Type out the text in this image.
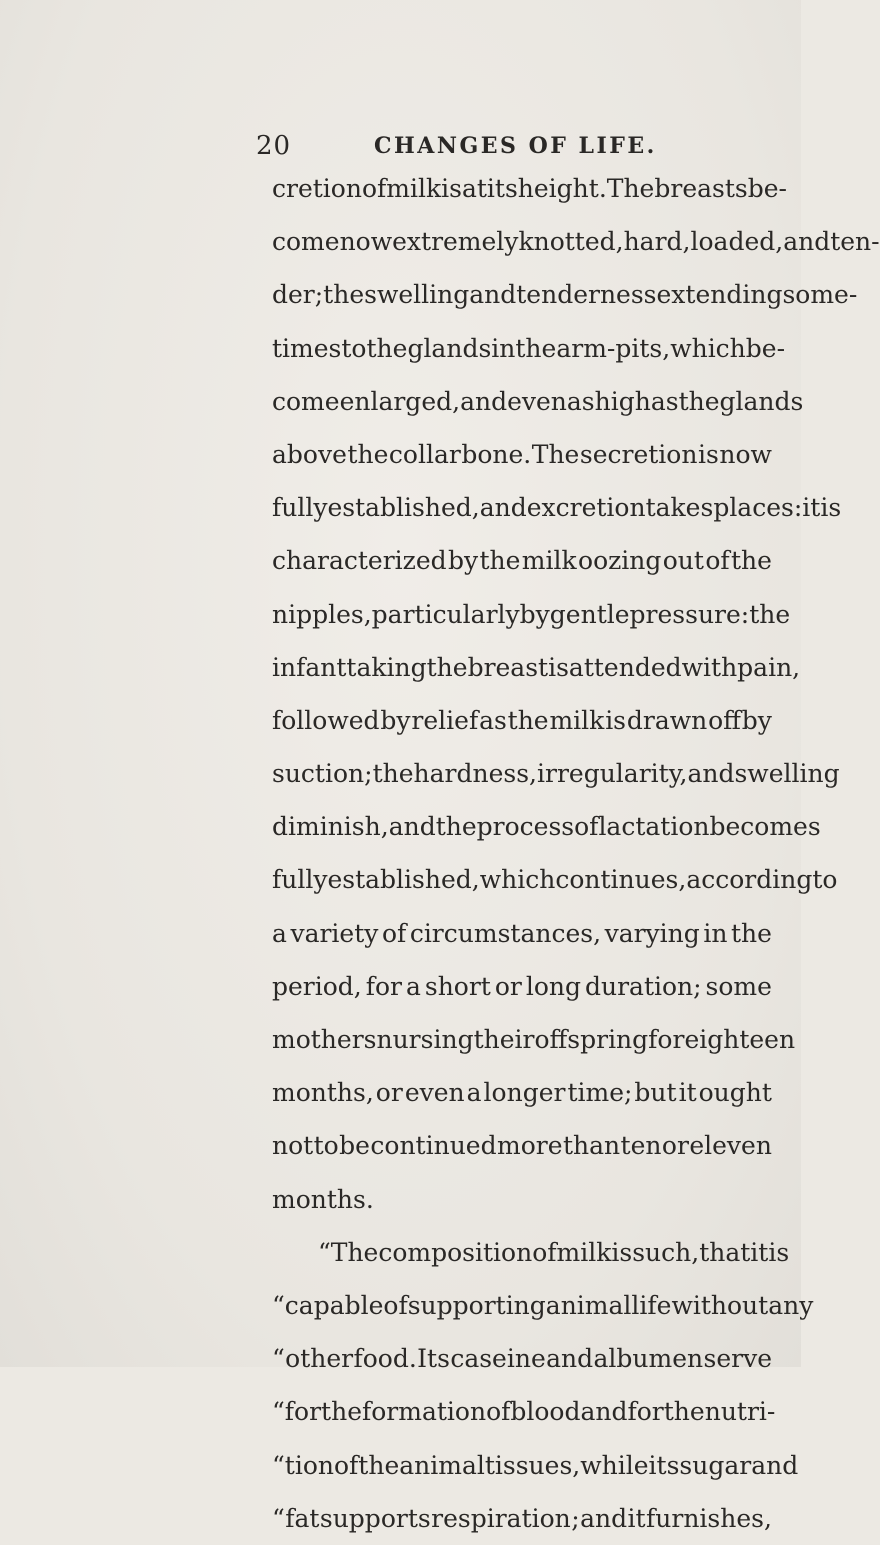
20	CHANGES OF LIFE.
cretion of milk is at its height. The breasts be-
come now extremely knotted, hard, loaded, and ten-
der; the swelling and tenderness extending some-
times to the glands in the arm-pits, which be-
come enlarged, and even as high as the glands
above the collar bone. The secretion is now
fully established, and excretion takes places : it is
characterized by the milk oozing out of the
nipples, particularly by gentle pressure: the
infant taking the breast is attended with pain,
followed by relief as the milk is drawn off by
suction ; the hardness, irregularity, and swelling
diminish, and the process of lactation becomes
fully established, which continues, according to
a variety of circumstances, varying in the
period, for a short or long duration; some
mothers nursing their offspring for eighteen
months, or even a longer time; but it ought
not to be continued more than ten or eleven
months.
“ The composition of milk is such, that it is
“ capable of supporting animal life without any
“ other food. Its caseine and albumen serve
“ for the formation of blood and for the nutri-
“ tion of the animal tissues, while its sugar and
“ fat supports respiration ; and it furnishes,
